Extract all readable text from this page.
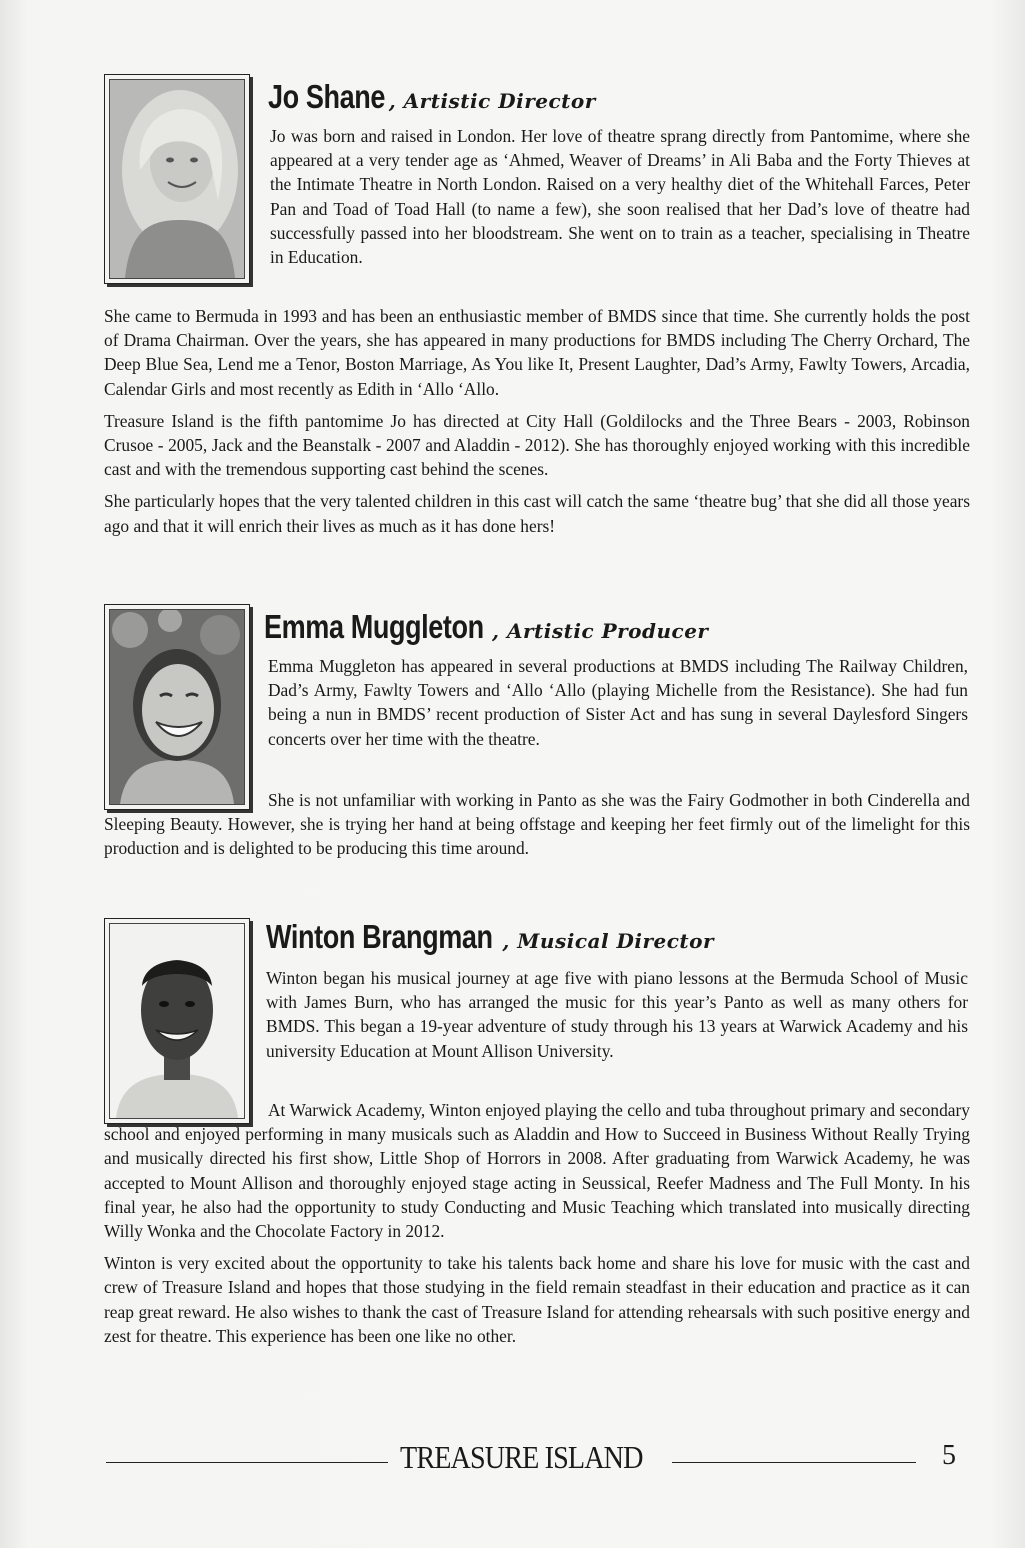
Jo Shane , Artistic Director

Jo was born and raised in London. Her love of theatre sprang directly from Pantomime, where she appeared at a very tender age as ‘Ahmed, Weaver of Dreams’ in Ali Baba and the Forty Thieves at the Intimate Theatre in North London. Raised on a very healthy diet of the Whitehall Farces, Peter Pan and Toad of Toad Hall (to name a few), she soon realised that her Dad’s love of theatre had successfully passed into her bloodstream. She went on to train as a teacher, specialising in Theatre in Education.

She came to Bermuda in 1993 and has been an enthusiastic member of BMDS since that time. She currently holds the post of Drama Chairman. Over the years, she has appeared in many productions for BMDS including The Cherry Orchard, The Deep Blue Sea, Lend me a Tenor, Boston Marriage, As You like It, Present Laughter, Dad’s Army, Fawlty Towers, Arcadia, Calendar Girls and most recently as Edith in ‘Allo ‘Allo.

Treasure Island is the fifth pantomime Jo has directed at City Hall (Goldilocks and the Three Bears - 2003, Robinson Crusoe - 2005, Jack and the Beanstalk - 2007 and Aladdin - 2012). She has thoroughly enjoyed working with this incredible cast and with the tremendous supporting cast behind the scenes.

She particularly hopes that the very talented children in this cast will catch the same ‘theatre bug’ that she did all those years ago and that it will enrich their lives as much as it has done hers!

Emma Muggleton , Artistic Producer

Emma Muggleton has appeared in several productions at BMDS including The Railway Children, Dad’s Army, Fawlty Towers and ‘Allo ‘Allo (playing Michelle from the Resistance). She had fun being a nun in BMDS’ recent production of Sister Act and has sung in several Daylesford Singers concerts over her time with the theatre.

She is not unfamiliar with working in Panto as she was the Fairy Godmother in both Cinderella and Sleeping Beauty. However, she is trying her hand at being offstage and keeping her feet firmly out of the limelight for this production and is delighted to be producing this time around.

Winton Brangman , Musical Director

Winton began his musical journey at age five with piano lessons at the Bermuda School of Music with James Burn, who has arranged the music for this year’s Panto as well as many others for BMDS. This began a 19-year adventure of study through his 13 years at Warwick Academy and his university Education at Mount Allison University.

At Warwick Academy, Winton enjoyed playing the cello and tuba throughout primary and secondary school and enjoyed performing in many musicals such as Aladdin and How to Succeed in Business Without Really Trying and musically directed his first show, Little Shop of Horrors in 2008. After graduating from Warwick Academy, he was accepted to Mount Allison and thoroughly enjoyed stage acting in Seussical, Reefer Madness and The Full Monty. In his final year, he also had the opportunity to study Conducting and Music Teaching which translated into musically directing Willy Wonka and the Chocolate Factory in 2012.

Winton is very excited about the opportunity to take his talents back home and share his love for music with the cast and crew of Treasure Island and hopes that those studying in the field remain steadfast in their education and practice as it can reap great reward. He also wishes to thank the cast of Treasure Island for attending rehearsals with such positive energy and zest for theatre. This experience has been one like no other.

TREASURE ISLAND	5
